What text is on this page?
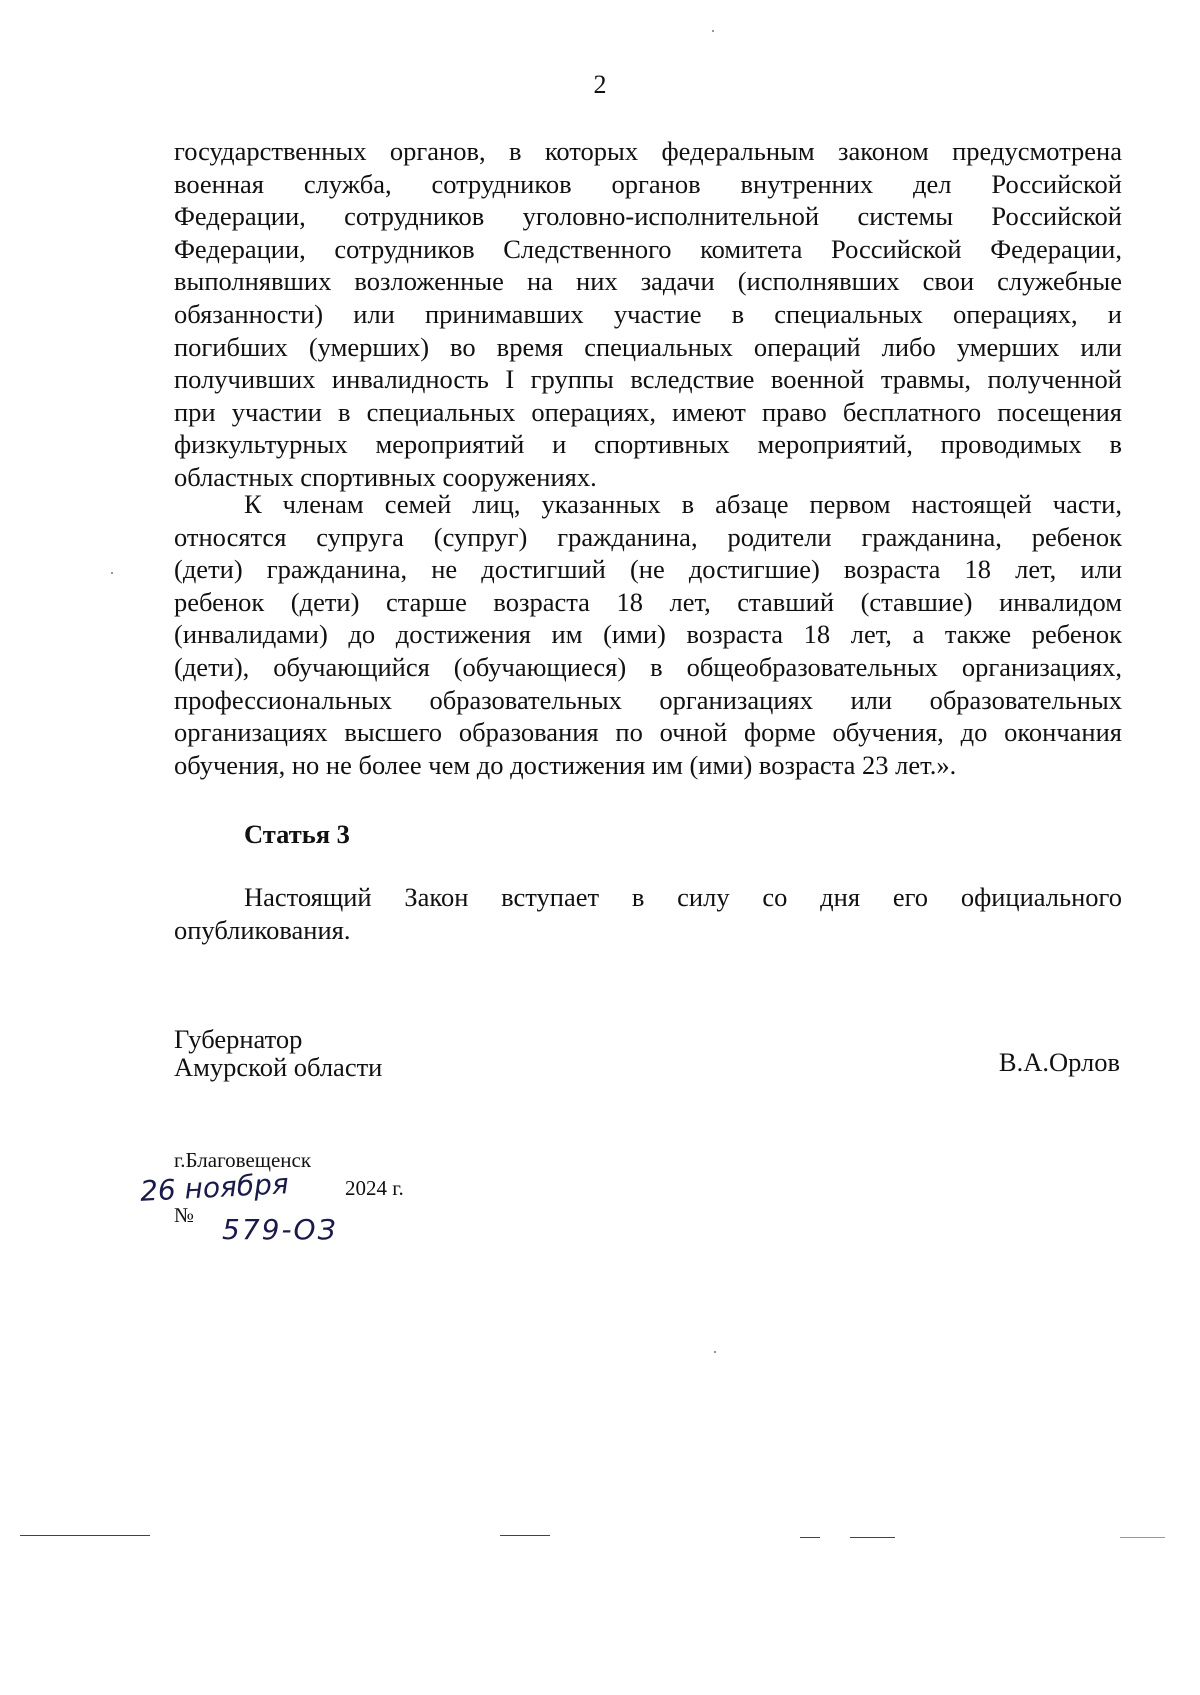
2
государственных органов, в которых федеральным законом предусмотрена
военная служба, сотрудников органов внутренних дел Российской
Федерации, сотрудников уголовно-исполнительной системы Российской
Федерации, сотрудников Следственного комитета Российской Федерации,
выполнявших возложенные на них задачи (исполнявших свои служебные
обязанности) или принимавших участие в специальных операциях, и
погибших (умерших) во время специальных операций либо умерших или
получивших инвалидность I группы вследствие военной травмы, полученной
при участии в специальных операциях, имеют право бесплатного посещения
физкультурных мероприятий и спортивных мероприятий, проводимых в
областных спортивных сооружениях.
К членам семей лиц, указанных в абзаце первом настоящей части,
относятся супруга (супруг) гражданина, родители гражданина, ребенок
(дети) гражданина, не достигший (не достигшие) возраста 18 лет, или
ребенок (дети) старше возраста 18 лет, ставший (ставшие) инвалидом
(инвалидами) до достижения им (ими) возраста 18 лет, а также ребенок
(дети), обучающийся (обучающиеся) в общеобразовательных организациях,
профессиональных образовательных организациях или образовательных
организациях высшего образования по очной форме обучения, до окончания
обучения, но не более чем до достижения им (ими) возраста 23 лет.».
Статья 3
Настоящий Закон вступает в силу со дня его официального
опубликования.
Губернатор
Амурской области	В.А.Орлов
г.Благовещенск
26 ноября	2024 г.
№ 579-ОЗ
